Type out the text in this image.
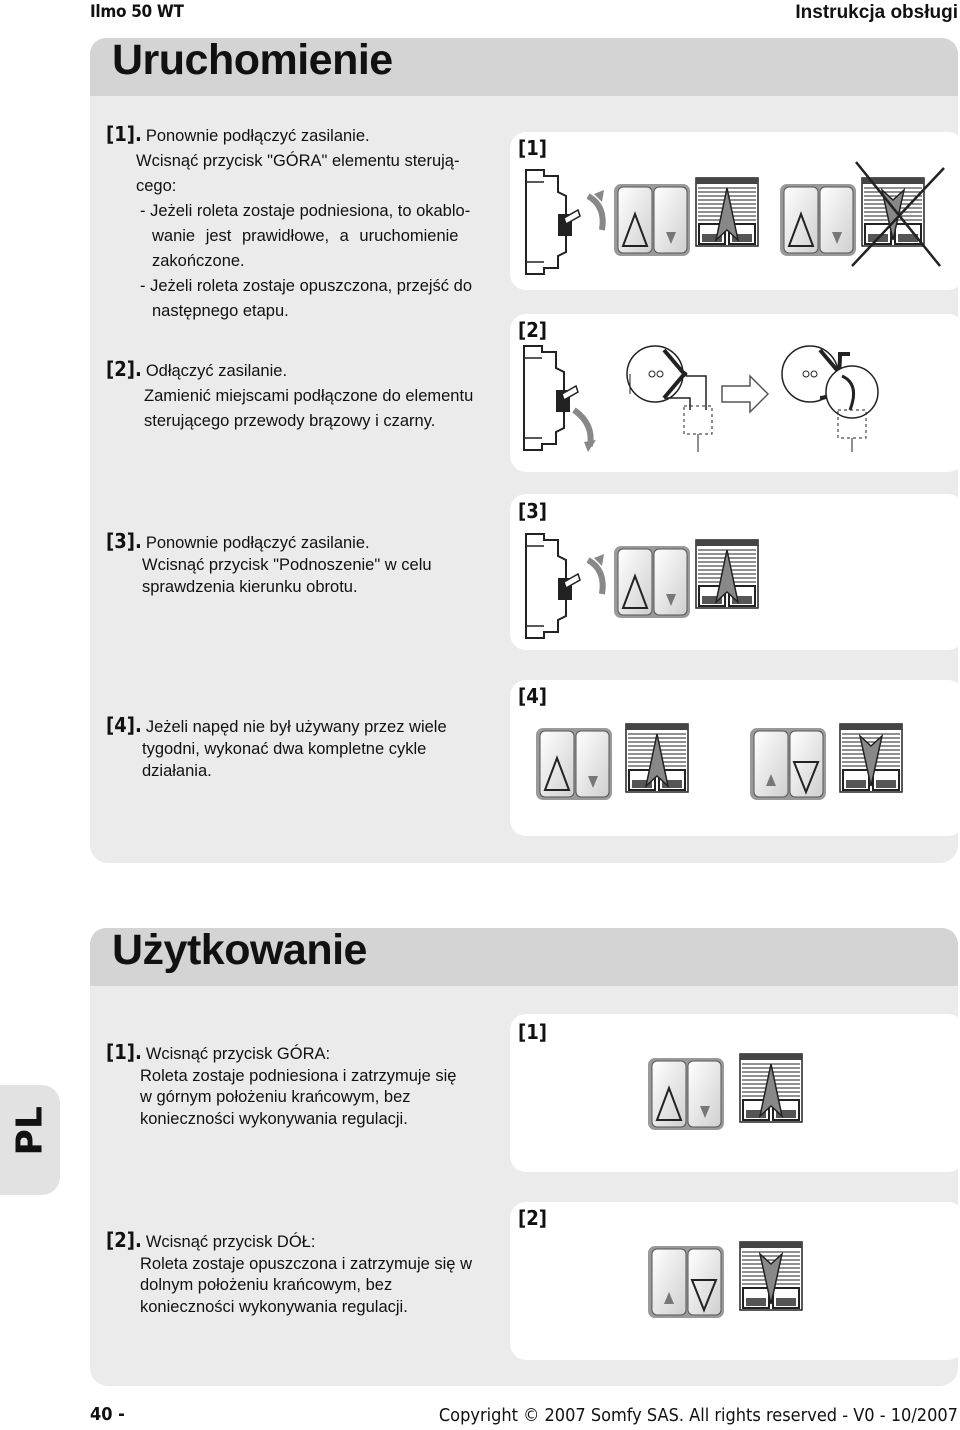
Ilmo 50 WT	Instrukcja obsługi
Uruchomienie
[1]. Ponownie podłączyć zasilanie.
Wcisnąć przycisk "GÓRA" elementu sterują-
cego:
- Jeżeli roleta zostaje podniesiona, to okablo-
wanie jest prawidłowe, a uruchomienie
zakończone.
- Jeżeli roleta zostaje opuszczona, przejść do
następnego etapu.
[2]. Odłączyć zasilanie.
Zamienić miejscami podłączone do elementu
sterującego przewody brązowy i czarny.
[1]
[2]
[3]. Ponownie podłączyć zasilanie.
Wcisnąć przycisk "Podnoszenie" w celu
sprawdzenia kierunku obrotu.
[3]
[4]. Jeżeli napęd nie był używany przez wiele
tygodni, wykonać dwa kompletne cykle
działania.
[4]
Użytkowanie
[1]. Wcisnąć przycisk GÓRA:
Roleta zostaje podniesiona i zatrzymuje się
w górnym położeniu krańcowym, bez
konieczności wykonywania regulacji.
[1]
[2]. Wcisnąć przycisk DÓŁ:
Roleta zostaje opuszczona i zatrzymuje się w
dolnym położeniu krańcowym, bez
konieczności wykonywania regulacji.
[2]
PL
40 -	Copyright © 2007 Somfy SAS. All rights reserved - V0 - 10/2007
